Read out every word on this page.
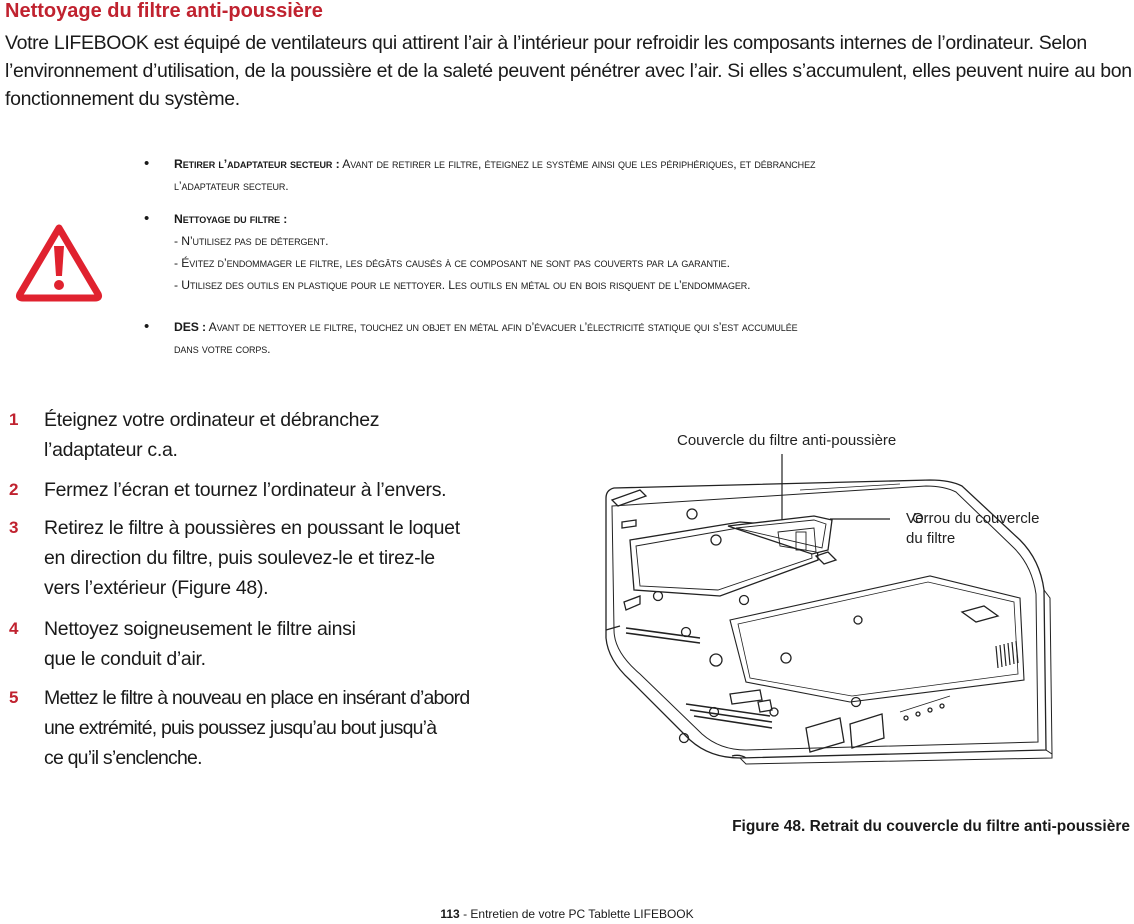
Nettoyage du filtre anti-poussière
Votre LIFEBOOK est équipé de ventilateurs qui attirent l’air à l’intérieur pour refroidir les composants internes de l’ordinateur. Selon l’environnement d’utilisation, de la poussière et de la saleté peuvent pénétrer avec l’air. Si elles s’accumulent, elles peuvent nuire au bon fonctionnement du système.
• Retirer l’adaptateur secteur : Avant de retirer le filtre, éteignez le système ainsi que les périphériques, et débranchez
l’adaptateur secteur.
• Nettoyage du filtre :
- N’utilisez pas de détergent.
- Évitez d’endommager le filtre, les dégâts causés à ce composant ne sont pas couverts par la garantie.
- Utilisez des outils en plastique pour le nettoyer. Les outils en métal ou en bois risquent de l’endommager.
• DES : Avant de nettoyer le filtre, touchez un objet en métal afin d’évacuer l’électricité statique qui s’est accumulée
dans votre corps.
1 Éteignez votre ordinateur et débranchez
l’adaptateur c.a.
2 Fermez l’écran et tournez l’ordinateur à l’envers.
3 Retirez le filtre à poussières en poussant le loquet
en direction du filtre, puis soulevez-le et tirez-le
vers l’extérieur (Figure 48).
4 Nettoyez soigneusement le filtre ainsi
que le conduit d’air.
5 Mettez le filtre à nouveau en place en insérant d’abord
une extrémité, puis poussez jusqu’au bout jusqu’à
ce qu’il s’enclenche.
Couvercle du filtre anti-poussière
Verrou du couvercle
du filtre
Figure 48. Retrait du couvercle du filtre anti-poussière
113 - Entretien de votre PC Tablette LIFEBOOK
